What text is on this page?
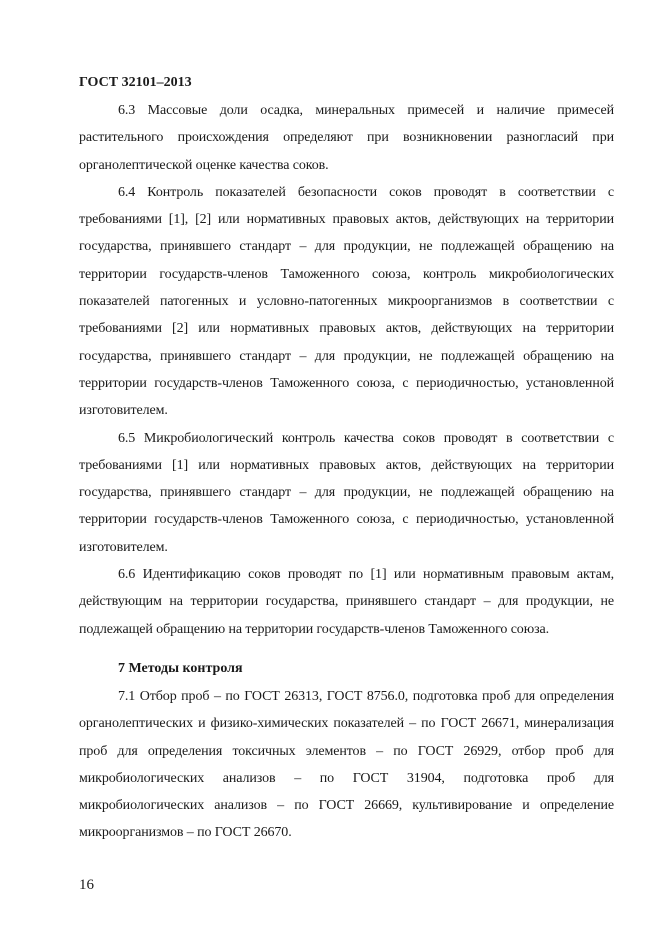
ГОСТ 32101–2013

6.3 Массовые доли осадка, минеральных примесей и наличие примесей растительного происхождения определяют при возникновении разногласий при органолептической оценке качества соков.

6.4 Контроль показателей безопасности соков проводят в соответствии с требованиями [1], [2] или нормативных правовых актов, действующих на территории государства, принявшего стандарт – для продукции, не подлежащей обращению на территории государств-членов Таможенного союза, контроль микробиологических показателей патогенных и условно-патогенных микроорганизмов в соответствии с требованиями [2] или нормативных правовых актов, действующих на территории государства, принявшего стандарт – для продукции, не подлежащей обращению на территории государств-членов Таможенного союза, с периодичностью, установленной изготовителем.

6.5 Микробиологический контроль качества соков проводят в соответствии с требованиями [1] или нормативных правовых актов, действующих на территории государства, принявшего стандарт – для продукции, не подлежащей обращению на территории государств-членов Таможенного союза, с периодичностью, установленной изготовителем.

6.6 Идентификацию соков проводят по [1] или нормативным правовым актам, действующим на территории государства, принявшего стандарт – для продукции, не подлежащей обращению на территории государств-членов Таможенного союза.

7 Методы контроля

7.1 Отбор проб – по ГОСТ 26313, ГОСТ 8756.0, подготовка проб для определения органолептических и физико-химических показателей – по ГОСТ 26671, минерализация проб для определения токсичных элементов – по ГОСТ 26929, отбор проб для микробиологических анализов – по ГОСТ 31904, подготовка проб для микробиологических анализов – по ГОСТ 26669, культивирование и определение микроорганизмов – по ГОСТ 26670.

16
